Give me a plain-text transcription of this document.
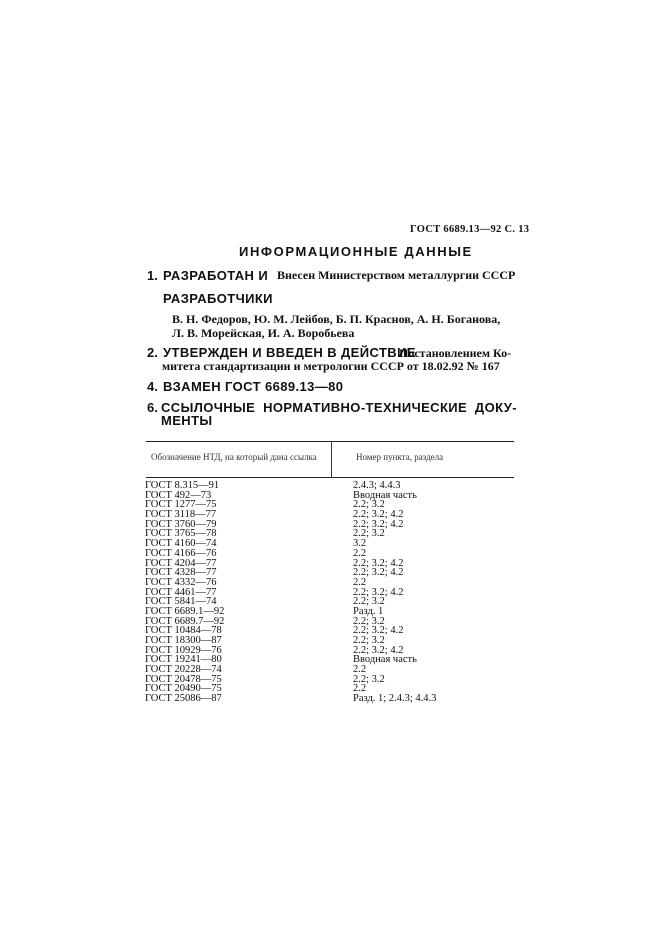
ГОСТ 6689.13—92 С. 13
ИНФОРМАЦИОННЫЕ ДАННЫЕ
1. РАЗРАБОТАН И Внесен Министерством металлургии СССР
РАЗРАБОТЧИКИ
В. Н. Федоров, Ю. М. Лейбов, Б. П. Краснов, А. Н. Боганова,
Л. В. Морейская, И. А. Воробьева
2. УТВЕРЖДЕН И ВВЕДЕН В ДЕЙСТВИЕ
Постановлением Ко-
митета стандартизации и метрологии СССР от 18.02.92 № 167
4. ВЗАМЕН ГОСТ 6689.13—80
6. ССЫЛОЧНЫЕ НОРМАТИВНО-ТЕХНИЧЕСКИЕ ДОКУ-
МЕНТЫ
Обозначение НТД, на который дана ссылка	Номер пункта, раздела
ГОСТ 8.315—91
ГОСТ 492—73
ГОСТ 1277—75
ГОСТ 3118—77
ГОСТ 3760—79
ГОСТ 3765—78
ГОСТ 4160—74
ГОСТ 4166—76
ГОСТ 4204—77
ГОСТ 4328—77
ГОСТ 4332—76
ГОСТ 4461—77
ГОСТ 5841—74
ГОСТ 6689.1—92
ГОСТ 6689.7—92
ГОСТ 10484—78
ГОСТ 18300—87
ГОСТ 10929—76
ГОСТ 19241—80
ГОСТ 20228—74
ГОСТ 20478—75
ГОСТ 20490—75
ГОСТ 25086—87
2.4.3; 4.4.3
Вводная часть
2.2; 3.2
2.2; 3.2; 4.2
2.2; 3.2; 4.2
2.2; 3.2
3.2
2.2
2.2; 3.2; 4.2
2.2; 3.2; 4.2
2.2
2.2; 3.2; 4.2
2.2; 3.2
Разд. 1
2.2; 3.2
2.2; 3.2; 4.2
2.2; 3.2
2.2; 3.2; 4.2
Вводная часть
2.2
2.2; 3.2
2.2
Разд. 1; 2.4.3; 4.4.3
